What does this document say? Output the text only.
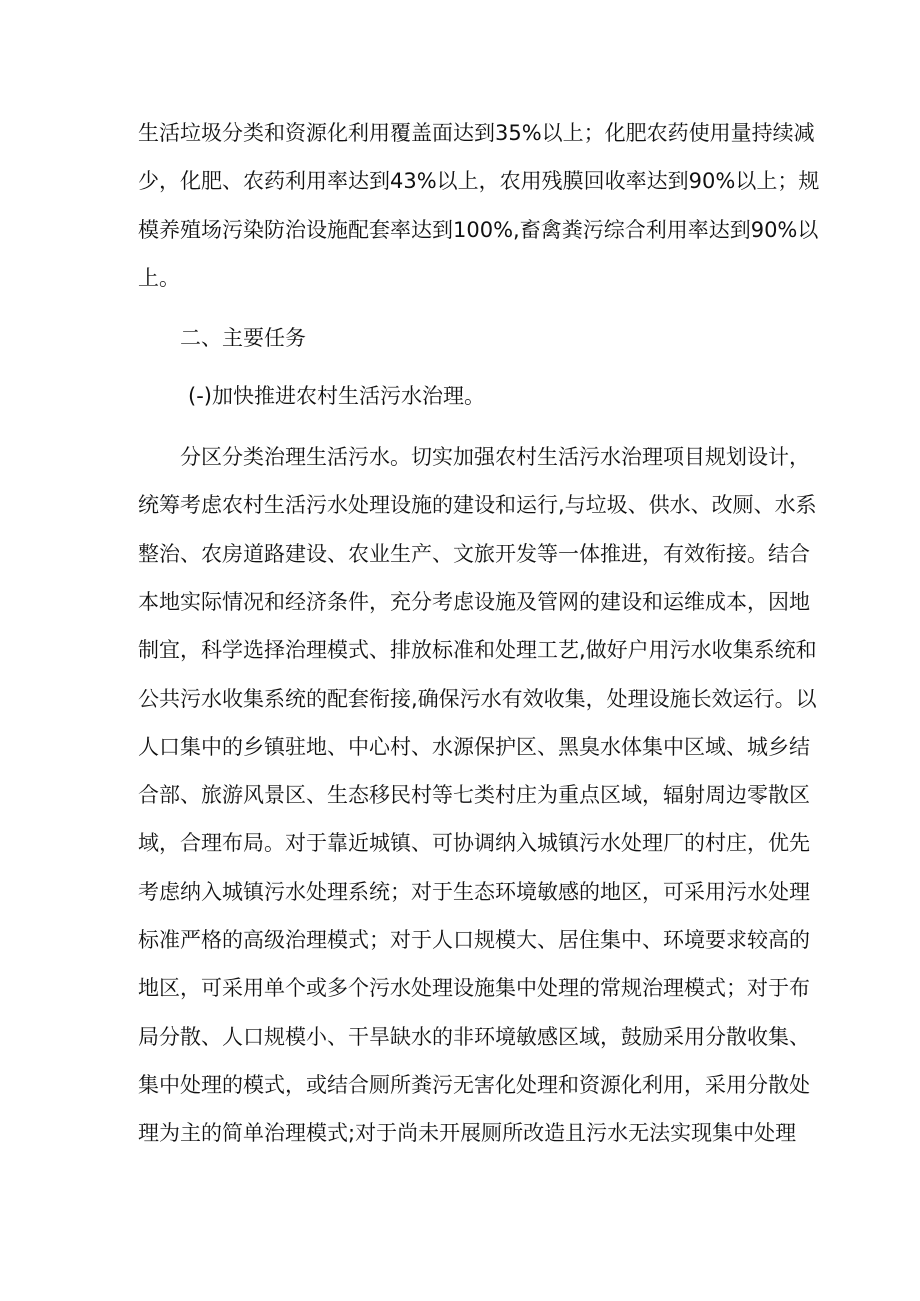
生活垃圾分类和资源化利用覆盖面达到35%以上；化肥农药使用量持续减
少，化肥、农药利用率达到43%以上，农用残膜回收率达到90%以上；规
模养殖场污染防治设施配套率达到100%,畜禽粪污综合利用率达到90%以
上。
二、主要任务
(-)加快推进农村生活污水治理。
分区分类治理生活污水。切实加强农村生活污水治理项目规划设计，
统筹考虑农村生活污水处理设施的建设和运行,与垃圾、供水、改厕、水系
整治、农房道路建设、农业生产、文旅开发等一体推进，有效衔接。结合
本地实际情况和经济条件，充分考虑设施及管网的建设和运维成本，因地
制宜，科学选择治理模式、排放标准和处理工艺,做好户用污水收集系统和
公共污水收集系统的配套衔接,确保污水有效收集，处理设施长效运行。以
人口集中的乡镇驻地、中心村、水源保护区、黑臭水体集中区域、城乡结
合部、旅游风景区、生态移民村等七类村庄为重点区域，辐射周边零散区
域，合理布局。对于靠近城镇、可协调纳入城镇污水处理厂的村庄，优先
考虑纳入城镇污水处理系统；对于生态环境敏感的地区，可采用污水处理
标准严格的高级治理模式；对于人口规模大、居住集中、环境要求较高的
地区，可采用单个或多个污水处理设施集中处理的常规治理模式；对于布
局分散、人口规模小、干旱缺水的非环境敏感区域，鼓励采用分散收集、
集中处理的模式，或结合厕所粪污无害化处理和资源化利用，采用分散处
理为主的简单治理模式;对于尚未开展厕所改造且污水无法实现集中处理
